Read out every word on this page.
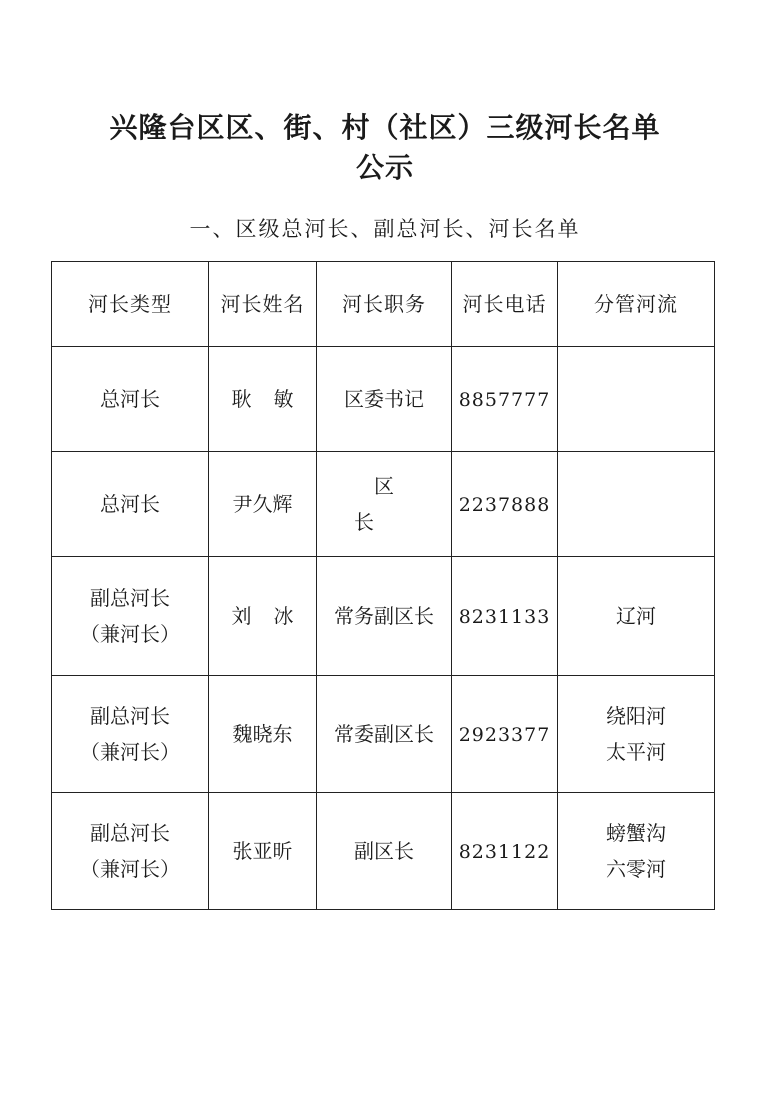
兴隆台区区、街、村（社区）三级河长名单
公示
一、区级总河长、副总河长、河长名单
河长类型	河长姓名	河长职务	河长电话	分管河流

总河长	耿敏	区委书记	8857777	

总河长	尹久辉	区长	2237888	

副总河长
（兼河长）	刘冰	常务副区长	8231133	辽河

副总河长
（兼河长）	魏晓东	常委副区长	2923377	绕阳河
太平河

副总河长
（兼河长）	张亚昕	副区长	8231122	螃蟹沟
六零河
